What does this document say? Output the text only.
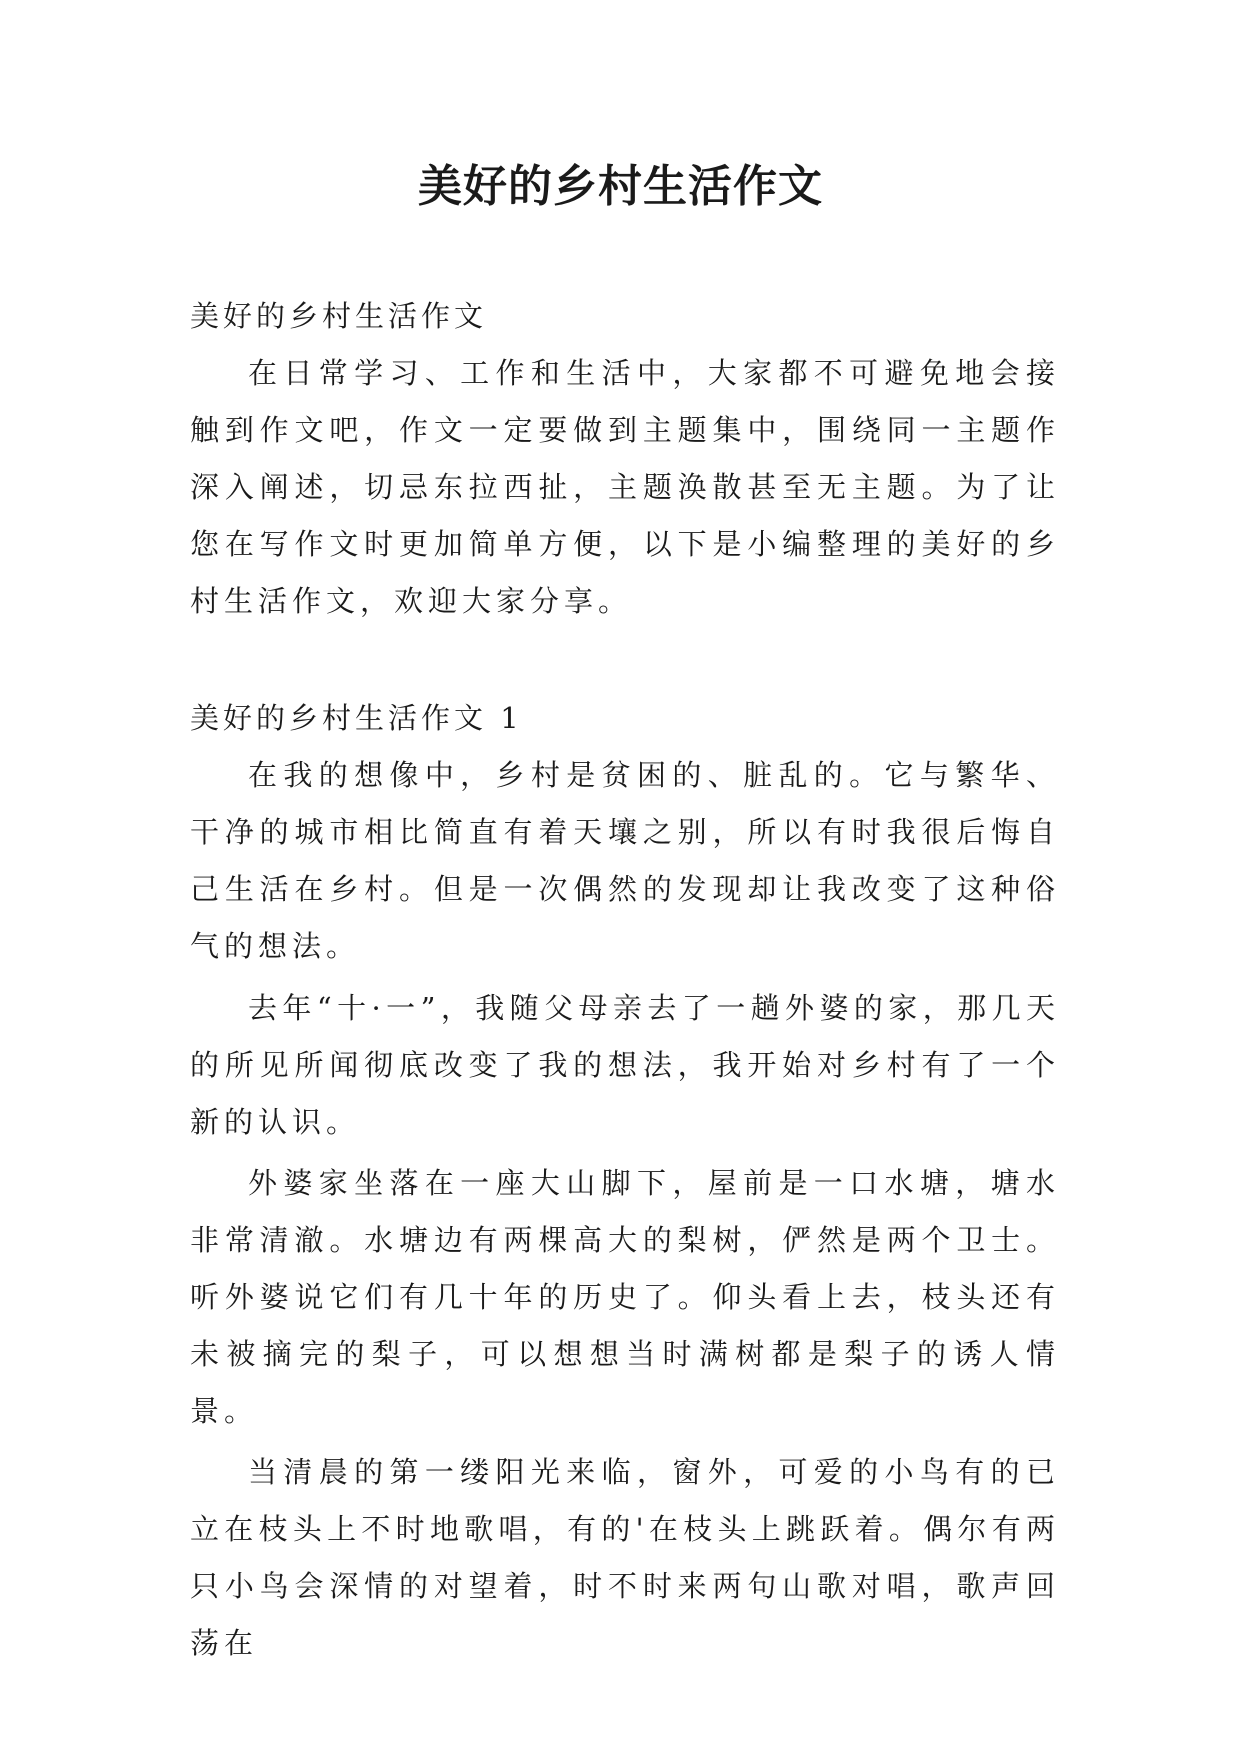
美好的乡村生活作文

美好的乡村生活作文

在日常学习、工作和生活中，大家都不可避免地会接触到作文吧，作文一定要做到主题集中，围绕同一主题作深入阐述，切忌东拉西扯，主题涣散甚至无主题。为了让您在写作文时更加简单方便，以下是小编整理的美好的乡村生活作文，欢迎大家分享。

美好的乡村生活作文 1

在我的想像中，乡村是贫困的、脏乱的。它与繁华、干净的城市相比简直有着天壤之别，所以有时我很后悔自己生活在乡村。但是一次偶然的发现却让我改变了这种俗气的想法。

去年“十·一”，我随父母亲去了一趟外婆的家，那几天的所见所闻彻底改变了我的想法，我开始对乡村有了一个新的认识。

外婆家坐落在一座大山脚下，屋前是一口水塘，塘水非常清澈。水塘边有两棵高大的梨树，俨然是两个卫士。听外婆说它们有几十年的历史了。仰头看上去，枝头还有未被摘完的梨子，可以想想当时满树都是梨子的诱人情景。

当清晨的第一缕阳光来临，窗外，可爱的小鸟有的已立在枝头上不时地歌唱，有的'在枝头上跳跃着。偶尔有两只小鸟会深情的对望着，时不时来两句山歌对唱，歌声回荡在
